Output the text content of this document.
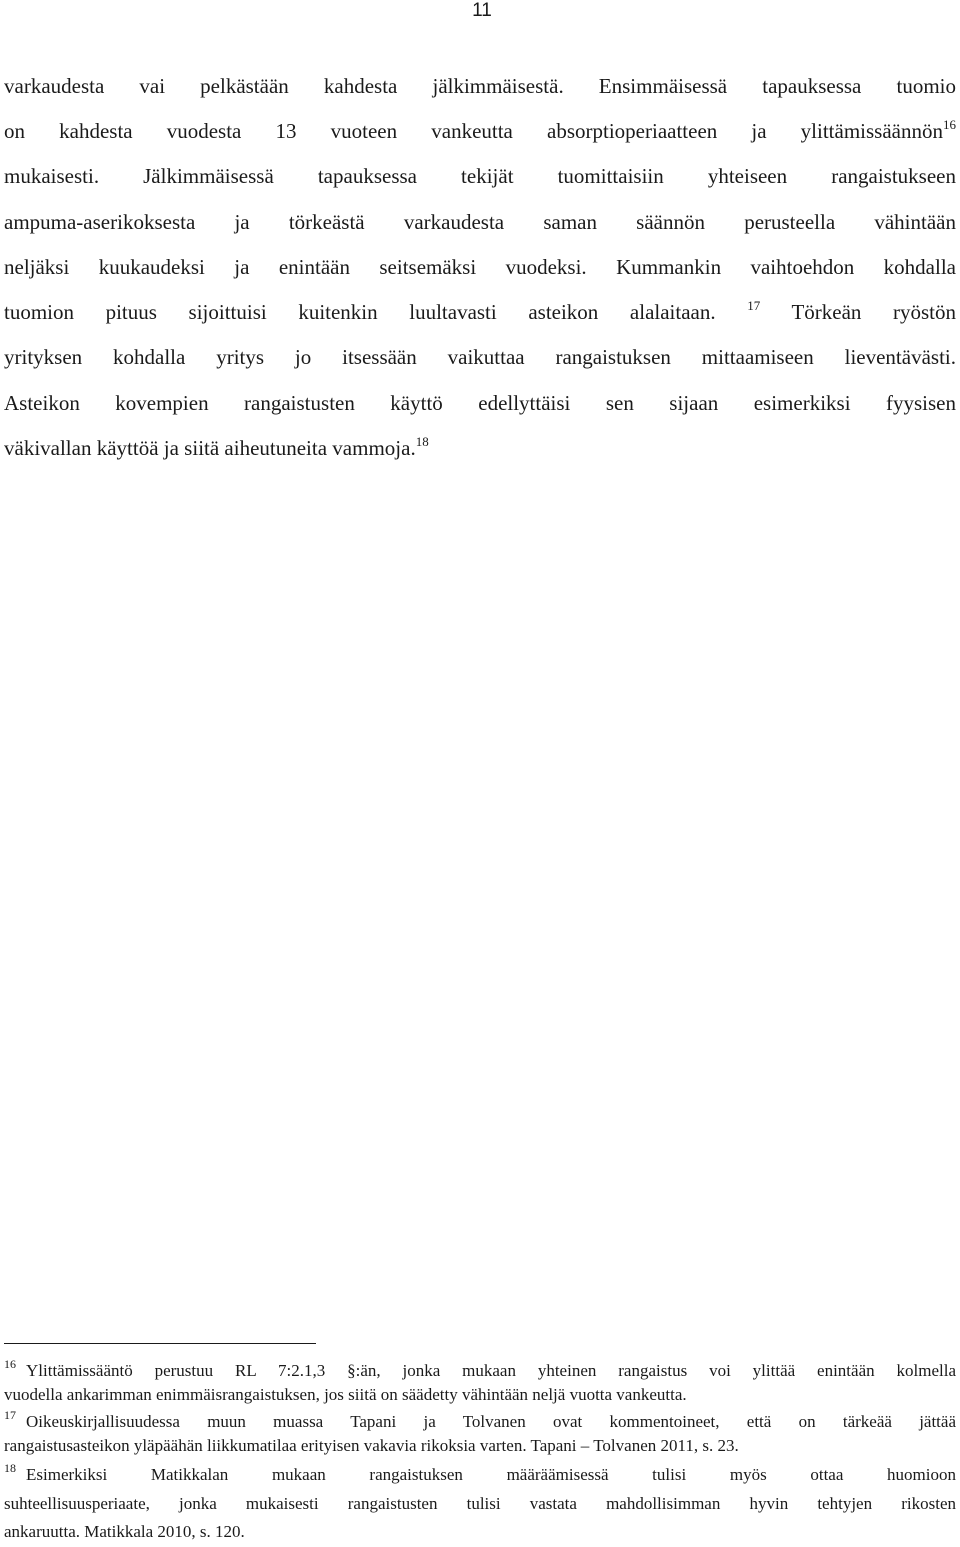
11
varkaudesta vai pelkästään kahdesta jälkimmäisestä. Ensimmäisessä tapauksessa tuomio
on kahdesta vuodesta 13 vuoteen vankeutta absorptioperiaatteen ja ylittämissäännön$^{16}$
mukaisesti. Jälkimmäisessä tapauksessa tekijät tuomittaisiin yhteiseen rangaistukseen
ampuma-aserikoksesta ja törkeästä varkaudesta saman säännön perusteella vähintään
neljäksi kuukaudeksi ja enintään seitsemäksi vuodeksi. Kummankin vaihtoehdon kohdalla
tuomion pituus sijoittuisi kuitenkin luultavasti asteikon alalaitaan. $^{17}$ Törkeän ryöstön
yrityksen kohdalla yritys jo itsessään vaikuttaa rangaistuksen mittaamiseen lieventävästi.
Asteikon kovempien rangaistusten käyttö edellyttäisi sen sijaan esimerkiksi fyysisen
väkivallan käyttöä ja siitä aiheutuneita vammoja.$^{18}$
$^{16}$ Ylittämissääntö perustuu RL 7:2.1,3 §:än, jonka mukaan yhteinen rangaistus voi ylittää enintään kolmella
vuodella ankarimman enimmäisrangaistuksen, jos siitä on säädetty vähintään neljä vuotta vankeutta.
$^{17}$ Oikeuskirjallisuudessa muun muassa Tapani ja Tolvanen ovat kommentoineet, että on tärkeää jättää
rangaistusasteikon yläpäähän liikkumatilaa erityisen vakavia rikoksia varten. Tapani – Tolvanen 2011, s. 23.
$^{18}$ Esimerkiksi Matikkalan mukaan rangaistuksen määräämisessä tulisi myös ottaa huomioon
suhteellisuusperiaate, jonka mukaisesti rangaistusten tulisi vastata mahdollisimman hyvin tehtyjen rikosten
ankaruutta. Matikkala 2010, s. 120.
